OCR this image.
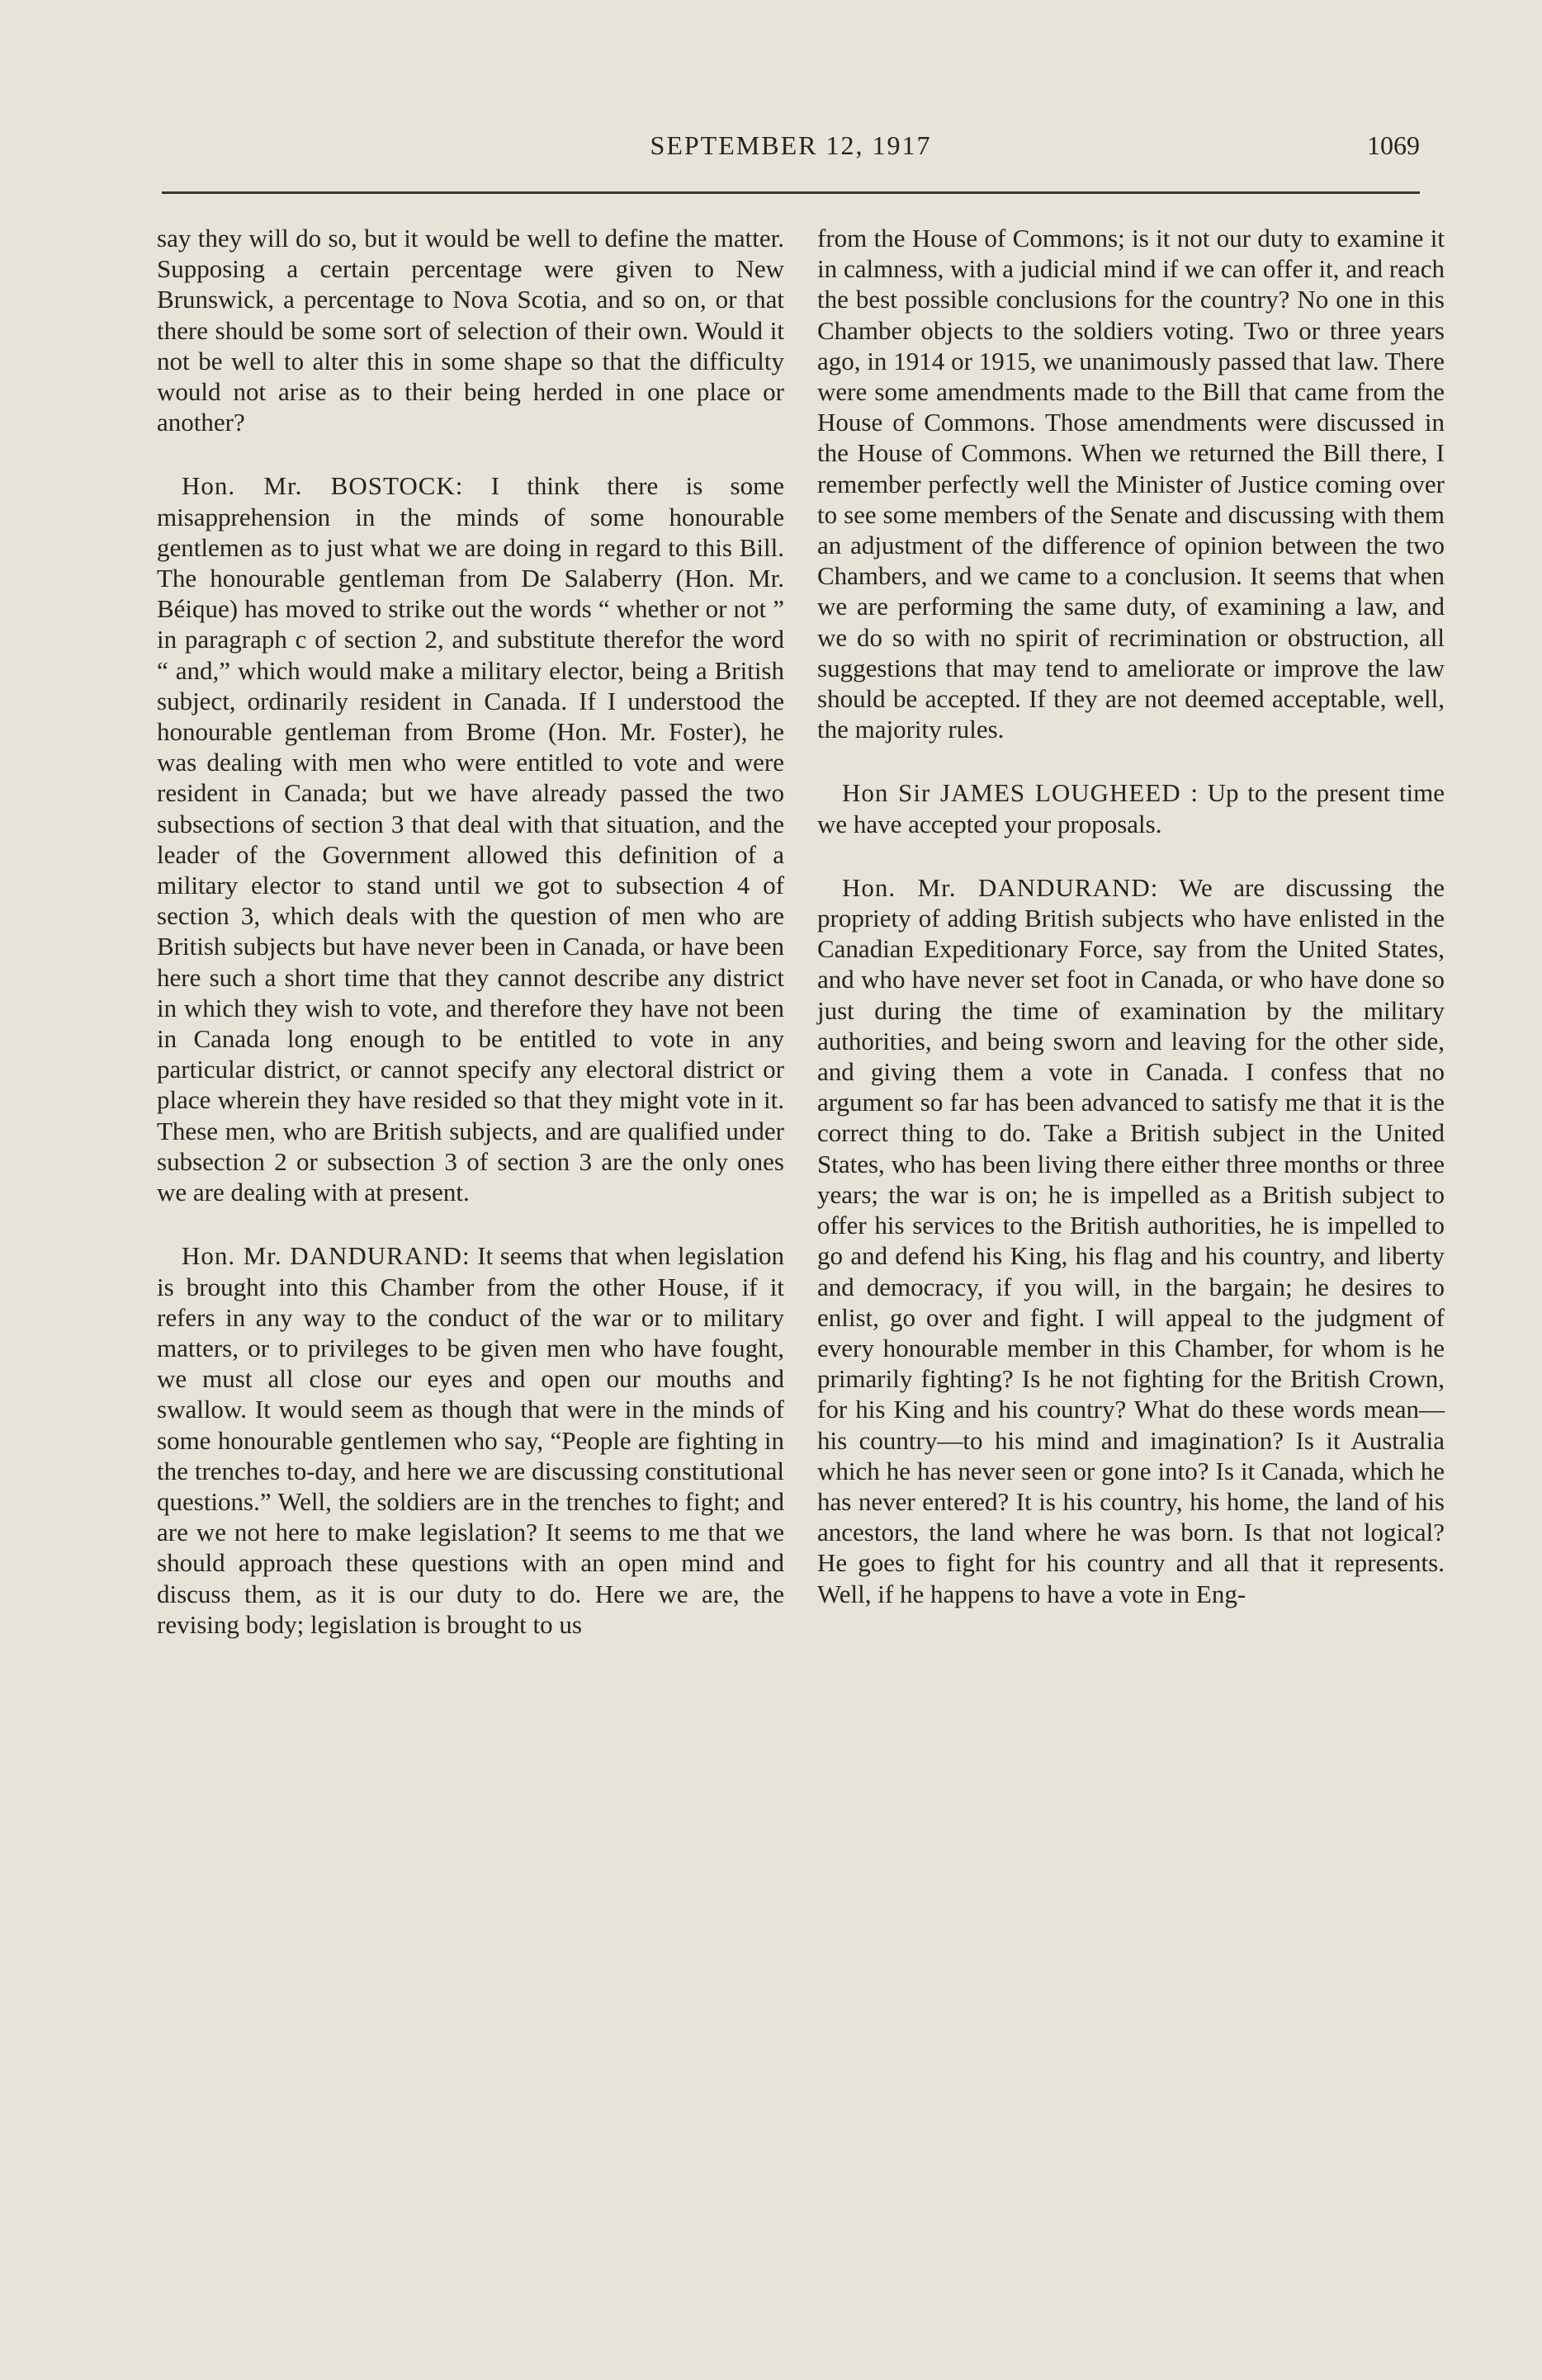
SEPTEMBER 12, 1917	1069

say they will do so, but it would be well to define the matter. Supposing a certain percentage were given to New Brunswick, a percentage to Nova Scotia, and so on, or that there should be some sort of selection of their own. Would it not be well to alter this in some shape so that the difficulty would not arise as to their being herded in one place or another?

Hon. Mr. BOSTOCK: I think there is some misapprehension in the minds of some honourable gentlemen as to just what we are doing in regard to this Bill. The honourable gentleman from De Salaberry (Hon. Mr. Béique) has moved to strike out the words “ whether or not ” in paragraph c of section 2, and substitute therefor the word “ and,” which would make a military elector, being a British subject, ordinarily resident in Canada. If I understood the honourable gentleman from Brome (Hon. Mr. Foster), he was dealing with men who were entitled to vote and were resident in Canada; but we have already passed the two subsections of section 3 that deal with that situation, and the leader of the Government allowed this definition of a military elector to stand until we got to subsection 4 of section 3, which deals with the question of men who are British subjects but have never been in Canada, or have been here such a short time that they cannot describe any district in which they wish to vote, and therefore they have not been in Canada long enough to be entitled to vote in any particular district, or cannot specify any electoral district or place wherein they have resided so that they might vote in it. These men, who are British subjects, and are qualified under subsection 2 or subsection 3 of section 3 are the only ones we are dealing with at present.

Hon. Mr. DANDURAND: It seems that when legislation is brought into this Chamber from the other House, if it refers in any way to the conduct of the war or to military matters, or to privileges to be given men who have fought, we must all close our eyes and open our mouths and swallow. It would seem as though that were in the minds of some honourable gentlemen who say, “People are fighting in the trenches to-day, and here we are discussing constitutional questions.” Well, the soldiers are in the trenches to fight; and are we not here to make legislation? It seems to me that we should approach these questions with an open mind and discuss them, as it is our duty to do. Here we are, the revising body; legislation is brought to us

from the House of Commons; is it not our duty to examine it in calmness, with a judicial mind if we can offer it, and reach the best possible conclusions for the country? No one in this Chamber objects to the soldiers voting. Two or three years ago, in 1914 or 1915, we unanimously passed that law. There were some amendments made to the Bill that came from the House of Commons. Those amendments were discussed in the House of Commons. When we returned the Bill there, I remember perfectly well the Minister of Justice coming over to see some members of the Senate and discussing with them an adjustment of the difference of opinion between the two Chambers, and we came to a conclusion. It seems that when we are performing the same duty, of examining a law, and we do so with no spirit of recrimination or obstruction, all suggestions that may tend to ameliorate or improve the law should be accepted. If they are not deemed acceptable, well, the majority rules.

Hon Sir JAMES LOUGHEED : Up to the present time we have accepted your proposals.

Hon. Mr. DANDURAND: We are discussing the propriety of adding British subjects who have enlisted in the Canadian Expeditionary Force, say from the United States, and who have never set foot in Canada, or who have done so just during the time of examination by the military authorities, and being sworn and leaving for the other side, and giving them a vote in Canada. I confess that no argument so far has been advanced to satisfy me that it is the correct thing to do. Take a British subject in the United States, who has been living there either three months or three years; the war is on; he is impelled as a British subject to offer his services to the British authorities, he is impelled to go and defend his King, his flag and his country, and liberty and democracy, if you will, in the bargain; he desires to enlist, go over and fight. I will appeal to the judgment of every honourable member in this Chamber, for whom is he primarily fighting? Is he not fighting for the British Crown, for his King and his country? What do these words mean—his country—to his mind and imagination? Is it Australia which he has never seen or gone into? Is it Canada, which he has never entered? It is his country, his home, the land of his ancestors, the land where he was born. Is that not logical? He goes to fight for his country and all that it represents. Well, if he happens to have a vote in Eng-
